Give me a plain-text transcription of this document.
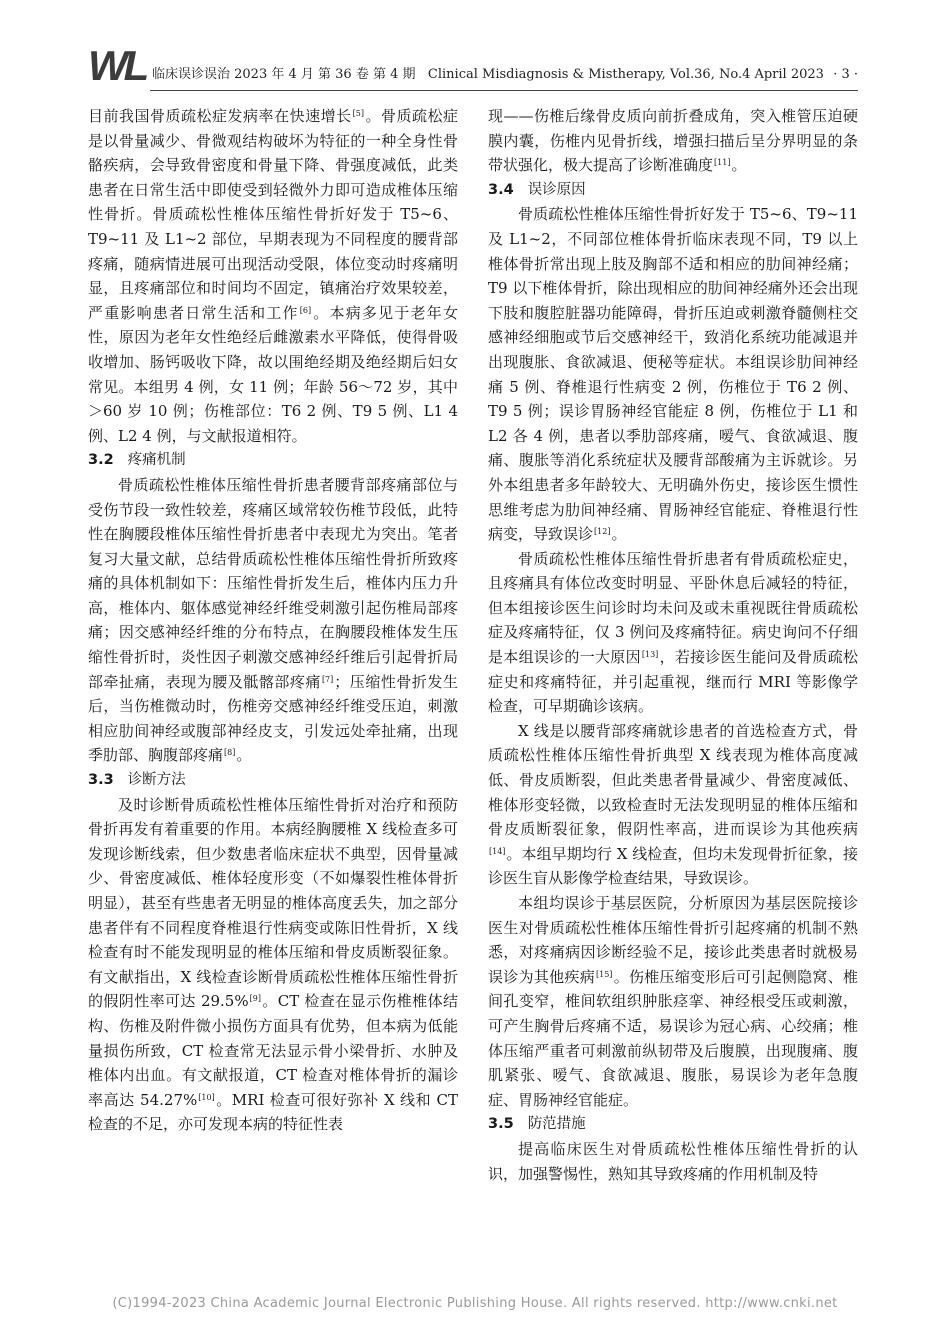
WL 临床误诊误治 2023 年 4 月 第 36 卷 第 4 期 Clinical Misdiagnosis & Mistherapy, Vol.36, No.4 April 2023 · 3 ·

目前我国骨质疏松症发病率在快速增长[5]。骨质疏松症是以骨量减少、骨微观结构破坏为特征的一种全身性骨骼疾病，会导致骨密度和骨量下降、骨强度减低，此类患者在日常生活中即使受到轻微外力即可造成椎体压缩性骨折。骨质疏松性椎体压缩性骨折好发于 T5~6、T9~11 及 L1~2 部位，早期表现为不同程度的腰背部疼痛，随病情进展可出现活动受限，体位变动时疼痛明显，且疼痛部位和时间均不固定，镇痛治疗效果较差，严重影响患者日常生活和工作[6]。本病多见于老年女性，原因为老年女性绝经后雌激素水平降低，使得骨吸收增加、肠钙吸收下降，故以围绝经期及绝经期后妇女常见。本组男 4 例，女 11 例；年龄 56～72 岁，其中＞60 岁 10 例；伤椎部位：T6 2 例、T9 5 例、L1 4 例、L2 4 例，与文献报道相符。

3.2 疼痛机制

骨质疏松性椎体压缩性骨折患者腰背部疼痛部位与受伤节段一致性较差，疼痛区域常较伤椎节段低，此特性在胸腰段椎体压缩性骨折患者中表现尤为突出。笔者复习大量文献，总结骨质疏松性椎体压缩性骨折所致疼痛的具体机制如下：压缩性骨折发生后，椎体内压力升高，椎体内、躯体感觉神经纤维受刺激引起伤椎局部疼痛；因交感神经纤维的分布特点，在胸腰段椎体发生压缩性骨折时，炎性因子刺激交感神经纤维后引起骨折局部牵扯痛，表现为腰及骶髂部疼痛[7]；压缩性骨折发生后，当伤椎微动时，伤椎旁交感神经纤维受压迫，刺激相应肋间神经或腹部神经皮支，引发远处牵扯痛，出现季肋部、胸腹部疼痛[8]。

3.3 诊断方法

及时诊断骨质疏松性椎体压缩性骨折对治疗和预防骨折再发有着重要的作用。本病经胸腰椎 X 线检查多可发现诊断线索，但少数患者临床症状不典型，因骨量减少、骨密度减低、椎体轻度形变（不如爆裂性椎体骨折明显），甚至有些患者无明显的椎体高度丢失，加之部分患者伴有不同程度脊椎退行性病变或陈旧性骨折，X 线检查有时不能发现明显的椎体压缩和骨皮质断裂征象。有文献指出，X 线检查诊断骨质疏松性椎体压缩性骨折的假阴性率可达 29.5%[9]。CT 检查在显示伤椎椎体结构、伤椎及附件微小损伤方面具有优势，但本病为低能量损伤所致，CT 检查常无法显示骨小梁骨折、水肿及椎体内出血。有文献报道，CT 检查对椎体骨折的漏诊率高达 54.27%[10]。MRI 检查可很好弥补 X 线和 CT 检查的不足，亦可发现本病的特征性表

现——伤椎后缘骨皮质向前折叠成角，突入椎管压迫硬膜内囊，伤椎内见骨折线，增强扫描后呈分界明显的条带状强化，极大提高了诊断准确度[11]。

3.4 误诊原因

骨质疏松性椎体压缩性骨折好发于 T5~6、T9~11 及 L1~2，不同部位椎体骨折临床表现不同，T9 以上椎体骨折常出现上肢及胸部不适和相应的肋间神经痛；T9 以下椎体骨折，除出现相应的肋间神经痛外还会出现下肢和腹腔脏器功能障碍，骨折压迫或刺激脊髓侧柱交感神经细胞或节后交感神经干，致消化系统功能减退并出现腹胀、食欲减退、便秘等症状。本组误诊肋间神经痛 5 例、脊椎退行性病变 2 例，伤椎位于 T6 2 例、T9 5 例；误诊胃肠神经官能症 8 例，伤椎位于 L1 和 L2 各 4 例，患者以季肋部疼痛，嗳气、食欲减退、腹痛、腹胀等消化系统症状及腰背部酸痛为主诉就诊。另外本组患者多年龄较大、无明确外伤史，接诊医生惯性思维考虑为肋间神经痛、胃肠神经官能症、脊椎退行性病变，导致误诊[12]。

骨质疏松性椎体压缩性骨折患者有骨质疏松症史，且疼痛具有体位改变时明显、平卧休息后减轻的特征，但本组接诊医生问诊时均未问及或未重视既往骨质疏松症及疼痛特征，仅 3 例问及疼痛特征。病史询问不仔细是本组误诊的一大原因[13]，若接诊医生能问及骨质疏松症史和疼痛特征，并引起重视，继而行 MRI 等影像学检查，可早期确诊该病。

X 线是以腰背部疼痛就诊患者的首选检查方式，骨质疏松性椎体压缩性骨折典型 X 线表现为椎体高度减低、骨皮质断裂，但此类患者骨量减少、骨密度减低、椎体形变轻微，以致检查时无法发现明显的椎体压缩和骨皮质断裂征象，假阴性率高，进而误诊为其他疾病[14]。本组早期均行 X 线检查，但均未发现骨折征象，接诊医生盲从影像学检查结果，导致误诊。

本组均误诊于基层医院，分析原因为基层医院接诊医生对骨质疏松性椎体压缩性骨折引起疼痛的机制不熟悉，对疼痛病因诊断经验不足，接诊此类患者时就极易误诊为其他疾病[15]。伤椎压缩变形后可引起侧隐窝、椎间孔变窄，椎间软组织肿胀痉挛、神经根受压或刺激，可产生胸骨后疼痛不适，易误诊为冠心病、心绞痛；椎体压缩严重者可刺激前纵韧带及后腹膜，出现腹痛、腹肌紧张、嗳气、食欲减退、腹胀，易误诊为老年急腹症、胃肠神经官能症。

3.5 防范措施

提高临床医生对骨质疏松性椎体压缩性骨折的认识，加强警惕性，熟知其导致疼痛的作用机制及特

(C)1994-2023 China Academic Journal Electronic Publishing House. All rights reserved. http://www.cnki.net
